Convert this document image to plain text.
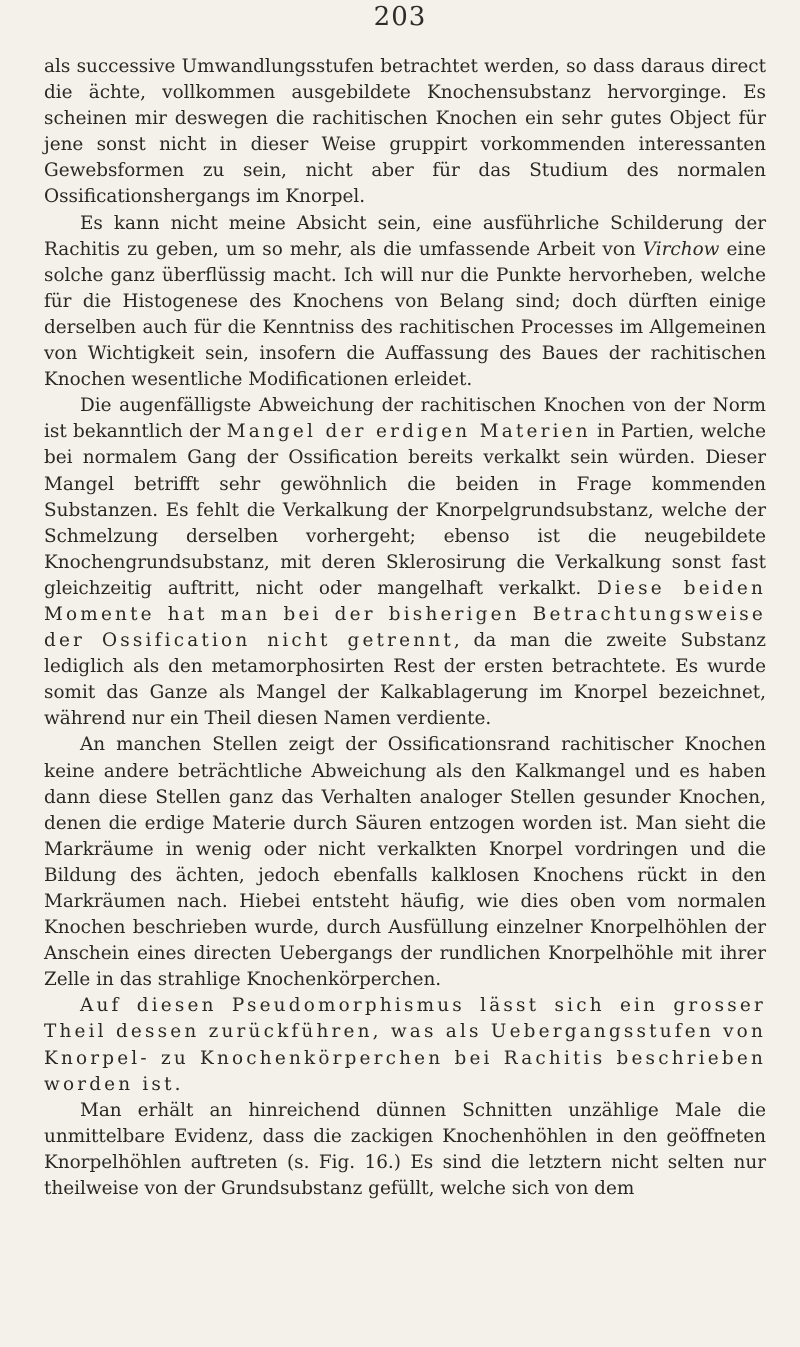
203

als successive Umwandlungsstufen betrachtet werden, so dass daraus direct die ächte, vollkommen ausgebildete Knochensubstanz hervorginge. Es scheinen mir deswegen die rachitischen Knochen ein sehr gutes Object für jene sonst nicht in dieser Weise gruppirt vorkommenden interessanten Gewebsformen zu sein, nicht aber für das Studium des normalen Ossificationshergangs im Knorpel.

Es kann nicht meine Absicht sein, eine ausführliche Schilderung der Rachitis zu geben, um so mehr, als die umfassende Arbeit von Virchow eine solche ganz überflüssig macht. Ich will nur die Punkte hervorheben, welche für die Histogenese des Knochens von Belang sind; doch dürften einige derselben auch für die Kenntniss des rachitischen Processes im Allgemeinen von Wichtigkeit sein, insofern die Auffassung des Baues der rachitischen Knochen wesentliche Modificationen erleidet.

Die augenfälligste Abweichung der rachitischen Knochen von der Norm ist bekanntlich der Mangel der erdigen Materien in Partien, welche bei normalem Gang der Ossification bereits verkalkt sein würden. Dieser Mangel betrifft sehr gewöhnlich die beiden in Frage kommenden Substanzen. Es fehlt die Verkalkung der Knorpelgrundsubstanz, welche der Schmelzung derselben vorhergeht; ebenso ist die neugebildete Knochengrundsubstanz, mit deren Sklerosirung die Verkalkung sonst fast gleichzeitig auftritt, nicht oder mangelhaft verkalkt. Diese beiden Momente hat man bei der bisherigen Betrachtungsweise der Ossification nicht getrennt, da man die zweite Substanz lediglich als den metamorphosirten Rest der ersten betrachtete. Es wurde somit das Ganze als Mangel der Kalkablagerung im Knorpel bezeichnet, während nur ein Theil diesen Namen verdiente.

An manchen Stellen zeigt der Ossificationsrand rachitischer Knochen keine andere beträchtliche Abweichung als den Kalkmangel und es haben dann diese Stellen ganz das Verhalten analoger Stellen gesunder Knochen, denen die erdige Materie durch Säuren entzogen worden ist. Man sieht die Markräume in wenig oder nicht verkalkten Knorpel vordringen und die Bildung des ächten, jedoch ebenfalls kalklosen Knochens rückt in den Markräumen nach. Hiebei entsteht häufig, wie dies oben vom normalen Knochen beschrieben wurde, durch Ausfüllung einzelner Knorpelhöhlen der Anschein eines directen Uebergangs der rundlichen Knorpelhöhle mit ihrer Zelle in das strahlige Knochenkörperchen.

Auf diesen Pseudomorphismus lässt sich ein grosser Theil dessen zurückführen, was als Uebergangsstufen von Knorpel- zu Knochenkörperchen bei Rachitis beschrieben worden ist.

Man erhält an hinreichend dünnen Schnitten unzählige Male die unmittelbare Evidenz, dass die zackigen Knochenhöhlen in den geöffneten Knorpelhöhlen auftreten (s. Fig. 16.) Es sind die letztern nicht selten nur theilweise von der Grundsubstanz gefüllt, welche sich von dem
